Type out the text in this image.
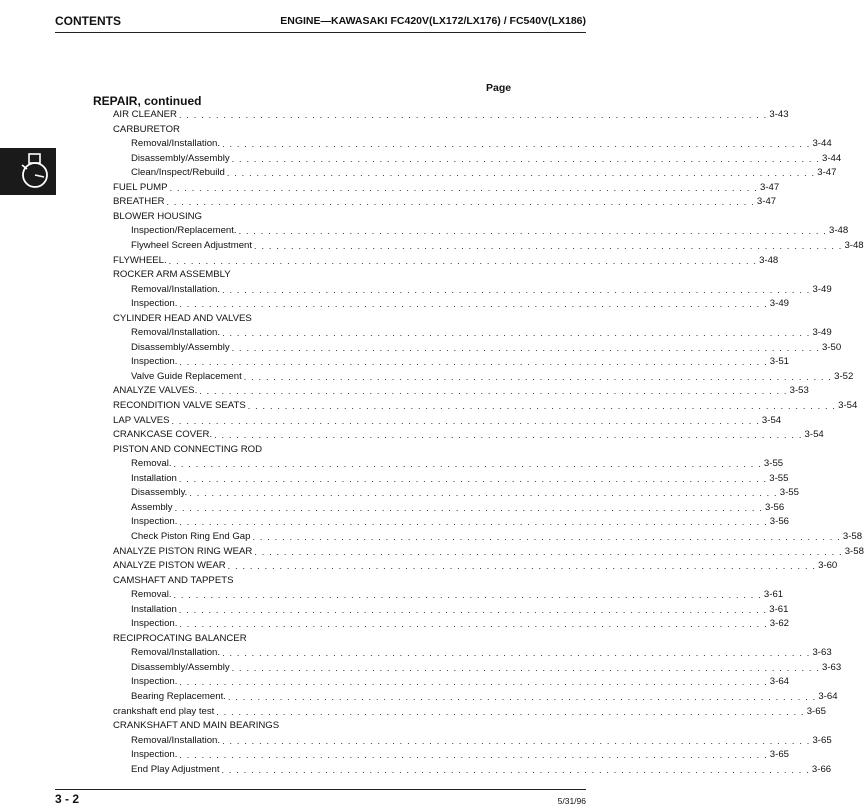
CONTENTS	ENGINE—KAWASAKI FC420V(LX172/LX176) / FC540V(LX186)
Page
REPAIR, continued
AIR CLEANER . . . . . . . . . . . . . . . . . . . . . . . . . . . . . . . . . . . . . . . . . . . . . . . . . . . . . . . . . . . . . . . . . . . . . . . . . . . . . . . . 3-43
CARBURETOR
Removal/Installation. . . . . . . . . . . . . . . . . . . . . . . . . . . . . . . . . . . . . . . . . . . . . . . . . . . . . . . . . . . . . . . . . . . . . . . . . . . . . . . . . 3-44
Disassembly/Assembly . . . . . . . . . . . . . . . . . . . . . . . . . . . . . . . . . . . . . . . . . . . . . . . . . . . . . . . . . . . . . . . . . . . . . . . . . . . . . . . . 3-44
Clean/Inspect/Rebuild . . . . . . . . . . . . . . . . . . . . . . . . . . . . . . . . . . . . . . . . . . . . . . . . . . . . . . . . . . . . . . . . . . . . . . . . . . . . . . . . 3-47
FUEL PUMP . . . . . . . . . . . . . . . . . . . . . . . . . . . . . . . . . . . . . . . . . . . . . . . . . . . . . . . . . . . . . . . . . . . . . . . . . . . . . . . . 3-47
BREATHER . . . . . . . . . . . . . . . . . . . . . . . . . . . . . . . . . . . . . . . . . . . . . . . . . . . . . . . . . . . . . . . . . . . . . . . . . . . . . . . . 3-47
BLOWER HOUSING
Inspection/Replacement. . . . . . . . . . . . . . . . . . . . . . . . . . . . . . . . . . . . . . . . . . . . . . . . . . . . . . . . . . . . . . . . . . . . . . . . . . . . . . . . . 3-48
Flywheel Screen Adjustment . . . . . . . . . . . . . . . . . . . . . . . . . . . . . . . . . . . . . . . . . . . . . . . . . . . . . . . . . . . . . . . . . . . . . . . . . . . . . . . . 3-48
FLYWHEEL. . . . . . . . . . . . . . . . . . . . . . . . . . . . . . . . . . . . . . . . . . . . . . . . . . . . . . . . . . . . . . . . . . . . . . . . . . . . . . . . . 3-48
ROCKER ARM ASSEMBLY
Removal/Installation. . . . . . . . . . . . . . . . . . . . . . . . . . . . . . . . . . . . . . . . . . . . . . . . . . . . . . . . . . . . . . . . . . . . . . . . . . . . . . . . . 3-49
Inspection. . . . . . . . . . . . . . . . . . . . . . . . . . . . . . . . . . . . . . . . . . . . . . . . . . . . . . . . . . . . . . . . . . . . . . . . . . . . . . . . . 3-49
CYLINDER HEAD AND VALVES
Removal/Installation. . . . . . . . . . . . . . . . . . . . . . . . . . . . . . . . . . . . . . . . . . . . . . . . . . . . . . . . . . . . . . . . . . . . . . . . . . . . . . . . . 3-49
Disassembly/Assembly . . . . . . . . . . . . . . . . . . . . . . . . . . . . . . . . . . . . . . . . . . . . . . . . . . . . . . . . . . . . . . . . . . . . . . . . . . . . . . . . 3-50
Inspection. . . . . . . . . . . . . . . . . . . . . . . . . . . . . . . . . . . . . . . . . . . . . . . . . . . . . . . . . . . . . . . . . . . . . . . . . . . . . . . . . 3-51
Valve Guide Replacement . . . . . . . . . . . . . . . . . . . . . . . . . . . . . . . . . . . . . . . . . . . . . . . . . . . . . . . . . . . . . . . . . . . . . . . . . . . . . . . . 3-52
ANALYZE VALVES. . . . . . . . . . . . . . . . . . . . . . . . . . . . . . . . . . . . . . . . . . . . . . . . . . . . . . . . . . . . . . . . . . . . . . . . . . . . . . . . . 3-53
RECONDITION VALVE SEATS . . . . . . . . . . . . . . . . . . . . . . . . . . . . . . . . . . . . . . . . . . . . . . . . . . . . . . . . . . . . . . . . . . . . . . . . . . . . . . . . 3-54
LAP VALVES . . . . . . . . . . . . . . . . . . . . . . . . . . . . . . . . . . . . . . . . . . . . . . . . . . . . . . . . . . . . . . . . . . . . . . . . . . . . . . . . 3-54
CRANKCASE COVER. . . . . . . . . . . . . . . . . . . . . . . . . . . . . . . . . . . . . . . . . . . . . . . . . . . . . . . . . . . . . . . . . . . . . . . . . . . . . . . . . 3-54
PISTON AND CONNECTING ROD
Removal. . . . . . . . . . . . . . . . . . . . . . . . . . . . . . . . . . . . . . . . . . . . . . . . . . . . . . . . . . . . . . . . . . . . . . . . . . . . . . . . . 3-55
Installation . . . . . . . . . . . . . . . . . . . . . . . . . . . . . . . . . . . . . . . . . . . . . . . . . . . . . . . . . . . . . . . . . . . . . . . . . . . . . . . . 3-55
Disassembly. . . . . . . . . . . . . . . . . . . . . . . . . . . . . . . . . . . . . . . . . . . . . . . . . . . . . . . . . . . . . . . . . . . . . . . . . . . . . . . . . 3-55
Assembly . . . . . . . . . . . . . . . . . . . . . . . . . . . . . . . . . . . . . . . . . . . . . . . . . . . . . . . . . . . . . . . . . . . . . . . . . . . . . . . . 3-56
Inspection. . . . . . . . . . . . . . . . . . . . . . . . . . . . . . . . . . . . . . . . . . . . . . . . . . . . . . . . . . . . . . . . . . . . . . . . . . . . . . . . . 3-56
Check Piston Ring End Gap . . . . . . . . . . . . . . . . . . . . . . . . . . . . . . . . . . . . . . . . . . . . . . . . . . . . . . . . . . . . . . . . . . . . . . . . . . . . . . . . 3-58
ANALYZE PISTON RING WEAR . . . . . . . . . . . . . . . . . . . . . . . . . . . . . . . . . . . . . . . . . . . . . . . . . . . . . . . . . . . . . . . . . . . . . . . . . . . . . . . . 3-58
ANALYZE PISTON WEAR . . . . . . . . . . . . . . . . . . . . . . . . . . . . . . . . . . . . . . . . . . . . . . . . . . . . . . . . . . . . . . . . . . . . . . . . . . . . . . . . 3-60
CAMSHAFT AND TAPPETS
Removal. . . . . . . . . . . . . . . . . . . . . . . . . . . . . . . . . . . . . . . . . . . . . . . . . . . . . . . . . . . . . . . . . . . . . . . . . . . . . . . . . 3-61
Installation . . . . . . . . . . . . . . . . . . . . . . . . . . . . . . . . . . . . . . . . . . . . . . . . . . . . . . . . . . . . . . . . . . . . . . . . . . . . . . . . 3-61
Inspection. . . . . . . . . . . . . . . . . . . . . . . . . . . . . . . . . . . . . . . . . . . . . . . . . . . . . . . . . . . . . . . . . . . . . . . . . . . . . . . . . 3-62
RECIPROCATING BALANCER
Removal/Installation. . . . . . . . . . . . . . . . . . . . . . . . . . . . . . . . . . . . . . . . . . . . . . . . . . . . . . . . . . . . . . . . . . . . . . . . . . . . . . . . . 3-63
Disassembly/Assembly . . . . . . . . . . . . . . . . . . . . . . . . . . . . . . . . . . . . . . . . . . . . . . . . . . . . . . . . . . . . . . . . . . . . . . . . . . . . . . . . 3-63
Inspection. . . . . . . . . . . . . . . . . . . . . . . . . . . . . . . . . . . . . . . . . . . . . . . . . . . . . . . . . . . . . . . . . . . . . . . . . . . . . . . . . 3-64
Bearing Replacement. . . . . . . . . . . . . . . . . . . . . . . . . . . . . . . . . . . . . . . . . . . . . . . . . . . . . . . . . . . . . . . . . . . . . . . . . . . . . . . . . 3-64
crankshaft end play test . . . . . . . . . . . . . . . . . . . . . . . . . . . . . . . . . . . . . . . . . . . . . . . . . . . . . . . . . . . . . . . . . . . . . . . . . . . . . . . . 3-65
CRANKSHAFT AND MAIN BEARINGS
Removal/Installation. . . . . . . . . . . . . . . . . . . . . . . . . . . . . . . . . . . . . . . . . . . . . . . . . . . . . . . . . . . . . . . . . . . . . . . . . . . . . . . . . 3-65
Inspection. . . . . . . . . . . . . . . . . . . . . . . . . . . . . . . . . . . . . . . . . . . . . . . . . . . . . . . . . . . . . . . . . . . . . . . . . . . . . . . . . 3-65
End Play Adjustment . . . . . . . . . . . . . . . . . . . . . . . . . . . . . . . . . . . . . . . . . . . . . . . . . . . . . . . . . . . . . . . . . . . . . . . . . . . . . . . . 3-66
3 - 2	5/31/96
